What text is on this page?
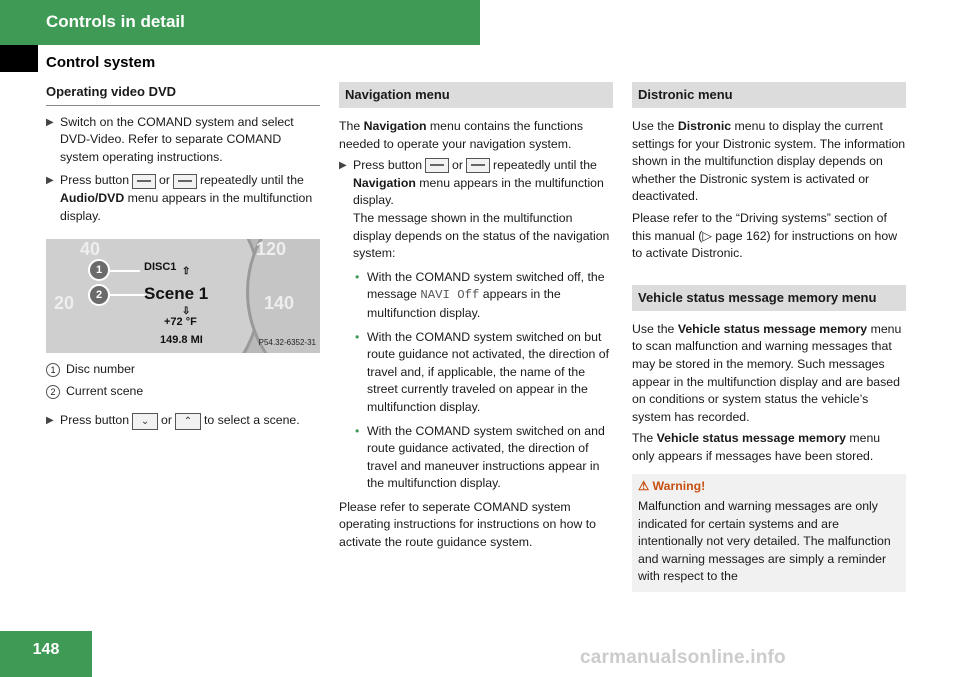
Controls in detail
Control system
Operating video DVD
▶ Switch on the COMAND system and select DVD-Video. Refer to separate COMAND system operating instructions.
▶ Press button or repeatedly until the Audio/DVD menu appears in the multifunction display.
40
20
120
140
1
2
DISC1 ⇧
Scene 1
⇩
+72 °F
149.8 MI	P54.32-6352-31
1 Disc number
2 Current scene
▶ Press button ⌄ or ⌃ to select a scene.
Navigation menu

The Navigation menu contains the functions needed to operate your navigation system.

▶ Press button or repeatedly until the Navigation menu appears in the multifunction display.
The message shown in the multifunction display depends on the status of the navigation system:
• With the COMAND system switched off, the message NAVI Off appears in the multifunction display.
• With the COMAND system switched on but route guidance not activated, the direction of travel and, if applicable, the name of the street currently traveled on appear in the multifunction display.
• With the COMAND system switched on and route guidance activated, the direction of travel and maneuver instructions appear in the multifunction display.

Please refer to seperate COMAND system operating instructions for instructions on how to activate the route guidance system.

Distronic menu

Use the Distronic menu to display the current settings for your Distronic system. The information shown in the multifunction display depends on whether the Distronic system is activated or deactivated.

Please refer to the “Driving systems” section of this manual (▷ page 162) for instructions on how to activate Distronic.

Vehicle status message memory menu

Use the Vehicle status message memory menu to scan malfunction and warning messages that may be stored in the memory. Such messages appear in the multifunction display and are based on conditions or system status the vehicle’s system has recorded.

The Vehicle status message memory menu only appears if messages have been stored.

⚠ Warning!
Malfunction and warning messages are only indicated for certain systems and are intentionally not very detailed. The malfunction and warning messages are simply a reminder with respect to the
148	carmanualsonline.info
